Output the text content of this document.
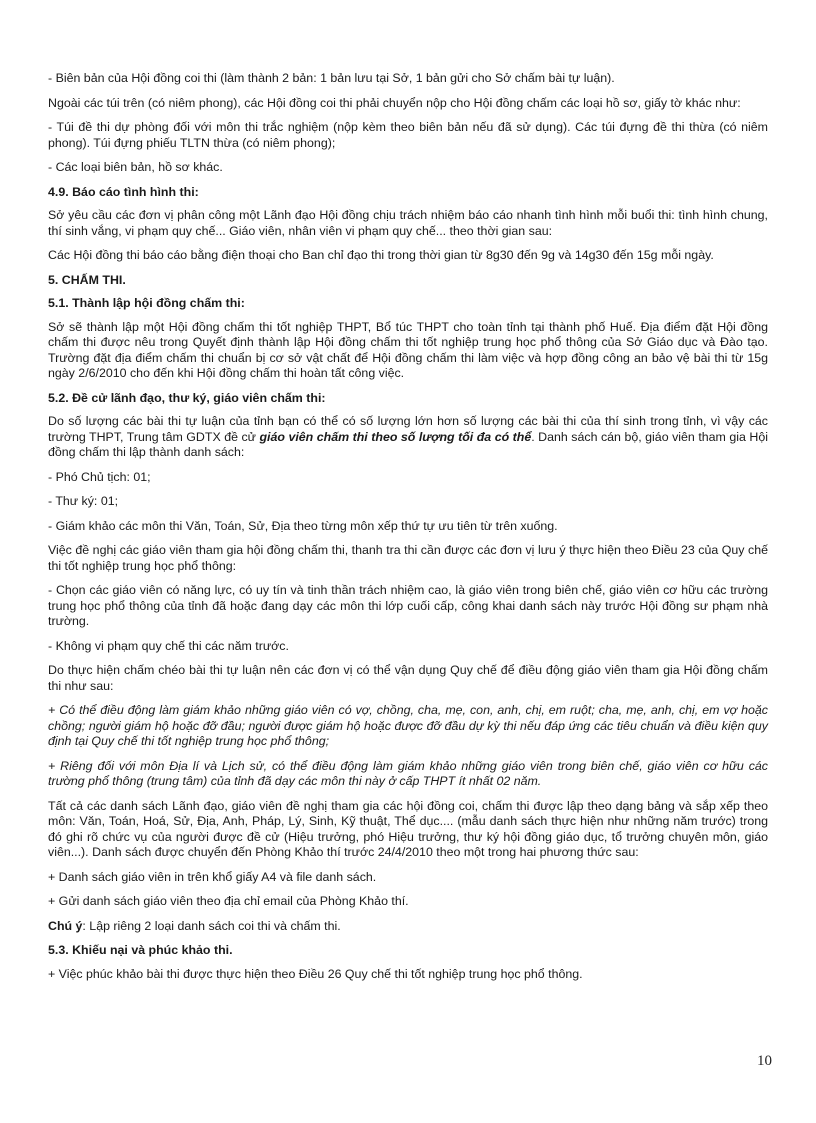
- Biên bản của Hội đồng coi thi (làm thành 2 bản: 1 bản lưu tại Sở, 1 bản gửi cho Sở chấm bài tự luận).

Ngoài các túi trên (có niêm phong), các Hội đồng coi thi phải chuyển nộp cho Hội đồng chấm các loại hồ sơ, giấy tờ khác như:

- Túi đề thi dự phòng đối với môn thi trắc nghiệm (nộp kèm theo biên bản nếu đã sử dụng). Các túi đựng đề thi thừa (có niêm phong). Túi đựng phiếu TLTN thừa (có niêm phong);

- Các loại biên bản, hồ sơ khác.

4.9. Báo cáo tình hình thi:

Sở yêu cầu các đơn vị phân công một Lãnh đạo Hội đồng chịu trách nhiệm báo cáo nhanh tình hình mỗi buổi thi: tình hình chung, thí sinh vắng, vi phạm quy chế... Giáo viên, nhân viên vi phạm quy chế... theo thời gian sau:

Các Hội đồng thi báo cáo bằng điện thoại cho Ban chỉ đạo thi trong thời gian từ 8g30 đến 9g và 14g30 đến 15g mỗi ngày.

5. CHẤM THI.

5.1. Thành lập hội đồng chấm thi:

Sở sẽ thành lập một Hội đồng chấm thi tốt nghiệp THPT, Bổ túc THPT cho toàn tỉnh tại thành phố Huế. Địa điểm đặt Hội đồng chấm thi được nêu trong Quyết định thành lập Hội đồng chấm thi tốt nghiệp trung học phổ thông của Sở Giáo dục và Đào tạo. Trường đặt địa điểm chấm thi chuẩn bị cơ sở vật chất để Hội đồng chấm thi làm việc và hợp đồng công an bảo vệ bài thi từ 15g ngày 2/6/2010 cho đến khi Hội đồng chấm thi hoàn tất công việc.

5.2. Đề cử lãnh đạo, thư ký, giáo viên chấm thi:

Do số lượng các bài thi tự luận của tỉnh bạn có thể có số lượng lớn hơn số lượng các bài thi của thí sinh trong tỉnh, vì vậy các trường THPT, Trung tâm GDTX đề cử giáo viên chấm thi theo số lượng tối đa có thể. Danh sách cán bộ, giáo viên tham gia Hội đồng chấm thi lập thành danh sách:

- Phó Chủ tịch: 01;

- Thư ký: 01;

- Giám khảo các môn thi Văn, Toán, Sử, Địa theo từng môn xếp thứ tự ưu tiên từ trên xuống.

Việc đề nghị các giáo viên tham gia hội đồng chấm thi, thanh tra thi cần được các đơn vị lưu ý thực hiện theo Điều 23 của Quy chế thi tốt nghiệp trung học phổ thông:

- Chọn các giáo viên có năng lực, có uy tín và tinh thần trách nhiệm cao, là giáo viên trong biên chế, giáo viên cơ hữu các trường trung học phổ thông của tỉnh đã hoặc đang dạy các môn thi lớp cuối cấp, công khai danh sách này trước Hội đồng sư phạm nhà trường.

- Không vi phạm quy chế thi các năm trước.

Do thực hiện chấm chéo bài thi tự luận nên các đơn vị có thể vận dụng Quy chế để điều động giáo viên tham gia Hội đồng chấm thi như sau:

+ Có thể điều động làm giám khảo những giáo viên có vợ, chồng, cha, mẹ, con, anh, chị, em ruột; cha, mẹ, anh, chị, em vợ hoặc chồng; người giám hộ hoặc đỡ đầu; người được giám hộ hoặc được đỡ đầu dự kỳ thi nếu đáp ứng các tiêu chuẩn và điều kiện quy định tại Quy chế thi tốt nghiệp trung học phổ thông;

+ Riêng đối với môn Địa lí và Lịch sử, có thể điều động làm giám khảo những giáo viên trong biên chế, giáo viên cơ hữu các trường phổ thông (trung tâm) của tỉnh đã dạy các môn thi này ở cấp THPT ít nhất 02 năm.

Tất cả các danh sách Lãnh đạo, giáo viên đề nghị tham gia các hội đồng coi, chấm thi được lập theo dạng bảng và sắp xếp theo môn: Văn, Toán, Hoá, Sử, Địa, Anh, Pháp, Lý, Sinh, Kỹ thuật, Thể dục.... (mẫu danh sách thực hiện như những năm trước) trong đó ghi rõ chức vụ của người được đề cử (Hiệu trưởng, phó Hiệu trưởng, thư ký hội đồng giáo dục, tổ trưởng chuyên môn, giáo viên...). Danh sách được chuyển đến Phòng Khảo thí trước 24/4/2010 theo một trong hai phương thức sau:

+ Danh sách giáo viên in trên khổ giấy A4 và file danh sách.

+ Gửi danh sách giáo viên theo địa chỉ email của Phòng Khảo thí.

Chú ý: Lập riêng 2 loại danh sách coi thi và chấm thi.

5.3. Khiếu nại và phúc khảo thi.

+ Việc phúc khảo bài thi được thực hiện theo Điều 26 Quy chế thi tốt nghiệp trung học phổ thông.

10
